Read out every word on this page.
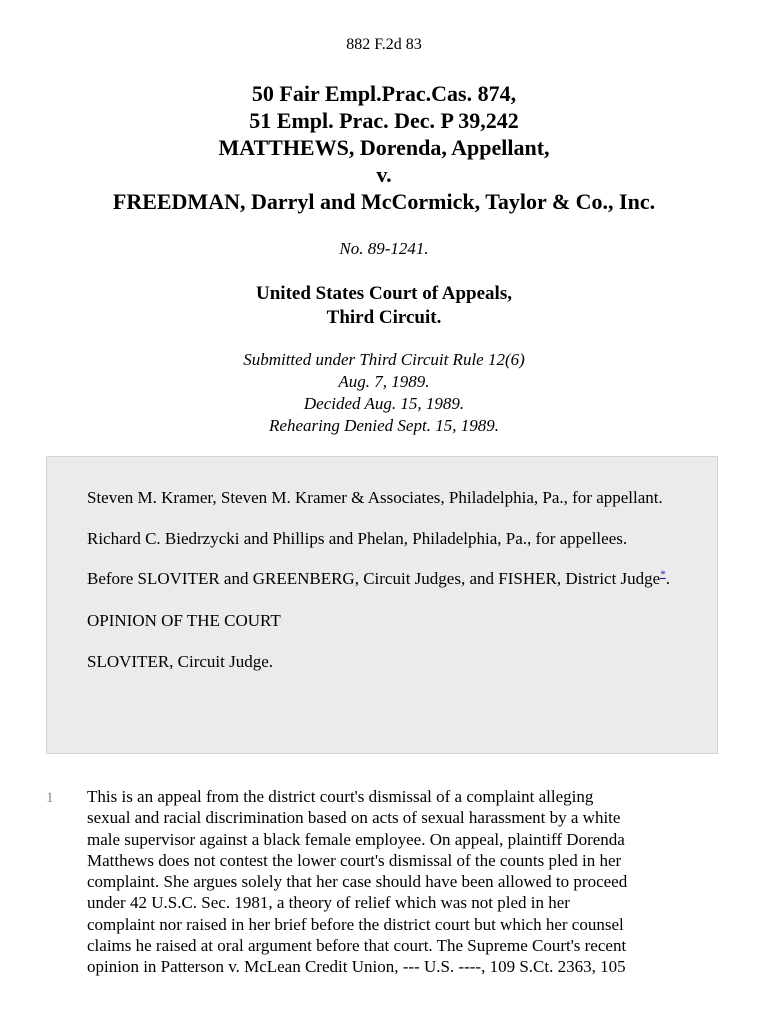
882 F.2d 83
50 Fair Empl.Prac.Cas. 874,
51 Empl. Prac. Dec. P 39,242
MATTHEWS, Dorenda, Appellant,
v.
FREEDMAN, Darryl and McCormick, Taylor & Co., Inc.
No. 89-1241.
United States Court of Appeals,
Third Circuit.
Submitted under Third Circuit Rule 12(6)
Aug. 7, 1989.
Decided Aug. 15, 1989.
Rehearing Denied Sept. 15, 1989.

Steven M. Kramer, Steven M. Kramer & Associates, Philadelphia, Pa., for appellant.

Richard C. Biedrzycki and Phillips and Phelan, Philadelphia, Pa., for appellees.

Before SLOVITER and GREENBERG, Circuit Judges, and FISHER, District Judge*.

OPINION OF THE COURT

SLOVITER, Circuit Judge.

1 This is an appeal from the district court's dismissal of a complaint alleging
sexual and racial discrimination based on acts of sexual harassment by a white
male supervisor against a black female employee. On appeal, plaintiff Dorenda
Matthews does not contest the lower court's dismissal of the counts pled in her
complaint. She argues solely that her case should have been allowed to proceed
under 42 U.S.C. Sec. 1981, a theory of relief which was not pled in her
complaint nor raised in her brief before the district court but which her counsel
claims he raised at oral argument before that court. The Supreme Court's recent
opinion in Patterson v. McLean Credit Union, --- U.S. ----, 109 S.Ct. 2363, 105
